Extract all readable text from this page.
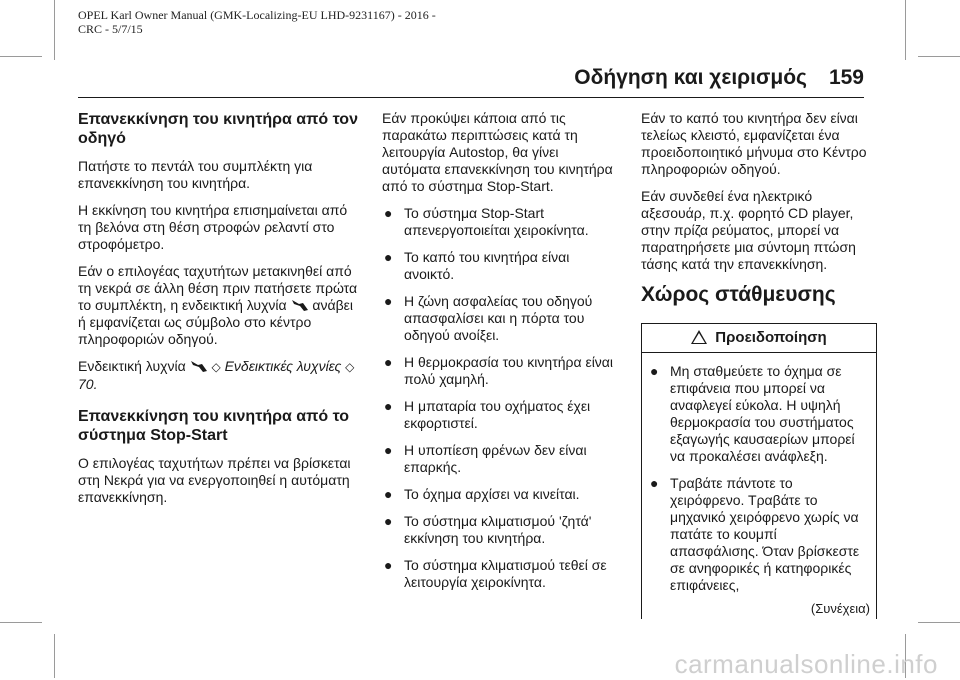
OPEL Karl Owner Manual (GMK-Localizing-EU LHD-9231167) - 2016 -
CRC - 5/7/15
Οδήγηση και χειρισμός 159
Επανεκκίνηση του κινητήρα από τον οδηγό

Πατήστε το πεντάλ του συμπλέκτη για επανεκκίνηση του κινητήρα.

Η εκκίνηση του κινητήρα επισημαίνεται από τη βελόνα στη θέση στροφών ρελαντί στο στροφόμετρο.

Εάν ο επιλογέας ταχυτήτων μετακινηθεί από τη νεκρά σε άλλη θέση πριν πατήσετε πρώτα το συμπλέκτη, η ενδεικτική λυχνία ανάβει ή εμφανίζεται ως σύμβολο στο κέντρο πληροφοριών οδηγού.

Ενδεικτική λυχνία ◇ Ενδεικτικές λυχνίες ◇70.

Επανεκκίνηση του κινητήρα από το σύστημα Stop-Start

Ο επιλογέας ταχυτήτων πρέπει να βρίσκεται στη Νεκρά για να ενεργοποιηθεί η αυτόματη επανεκκίνηση.

Εάν προκύψει κάποια από τις παρακάτω περιπτώσεις κατά τη λειτουργία Autostop, θα γίνει αυτόματα επανεκκίνηση του κινητήρα από το σύστημα Stop-Start.

● Το σύστημα Stop-Start απενεργοποιείται χειροκίνητα.
● Το καπό του κινητήρα είναι ανοικτό.
● Η ζώνη ασφαλείας του οδηγού απασφαλίσει και η πόρτα του οδηγού ανοίξει.
● Η θερμοκρασία του κινητήρα είναι πολύ χαμηλή.
● Η μπαταρία του οχήματος έχει εκφορτιστεί.
● Η υποπίεση φρένων δεν είναι επαρκής.
● Το όχημα αρχίσει να κινείται.
● Το σύστημα κλιματισμού 'ζητά' εκκίνηση του κινητήρα.
● Το σύστημα κλιματισμού τεθεί σε λειτουργία χειροκίνητα.

Εάν το καπό του κινητήρα δεν είναι τελείως κλειστό, εμφανίζεται ένα προειδοποιητικό μήνυμα στο Κέντρο πληροφοριών οδηγού.

Εάν συνδεθεί ένα ηλεκτρικό αξεσουάρ, π.χ. φορητό CD player, στην πρίζα ρεύματος, μπορεί να παρατηρήσετε μια σύντομη πτώση τάσης κατά την επανεκκίνηση.

Χώρος στάθμευσης
Προειδοποίηση
● Μη σταθμεύετε το όχημα σε επιφάνεια που μπορεί να αναφλεγεί εύκολα. Η υψηλή θερμοκρασία του συστήματος εξαγωγής καυσαερίων μπορεί να προκαλέσει ανάφλεξη.
● Τραβάτε πάντοτε το χειρόφρενο. Τραβάτε το μηχανικό χειρόφρενο χωρίς να πατάτε το κουμπί απασφάλισης. Όταν βρίσκεστε σε ανηφορικές ή κατηφορικές επιφάνειες,
(Συνέχεια)
carmanualsonline.info
